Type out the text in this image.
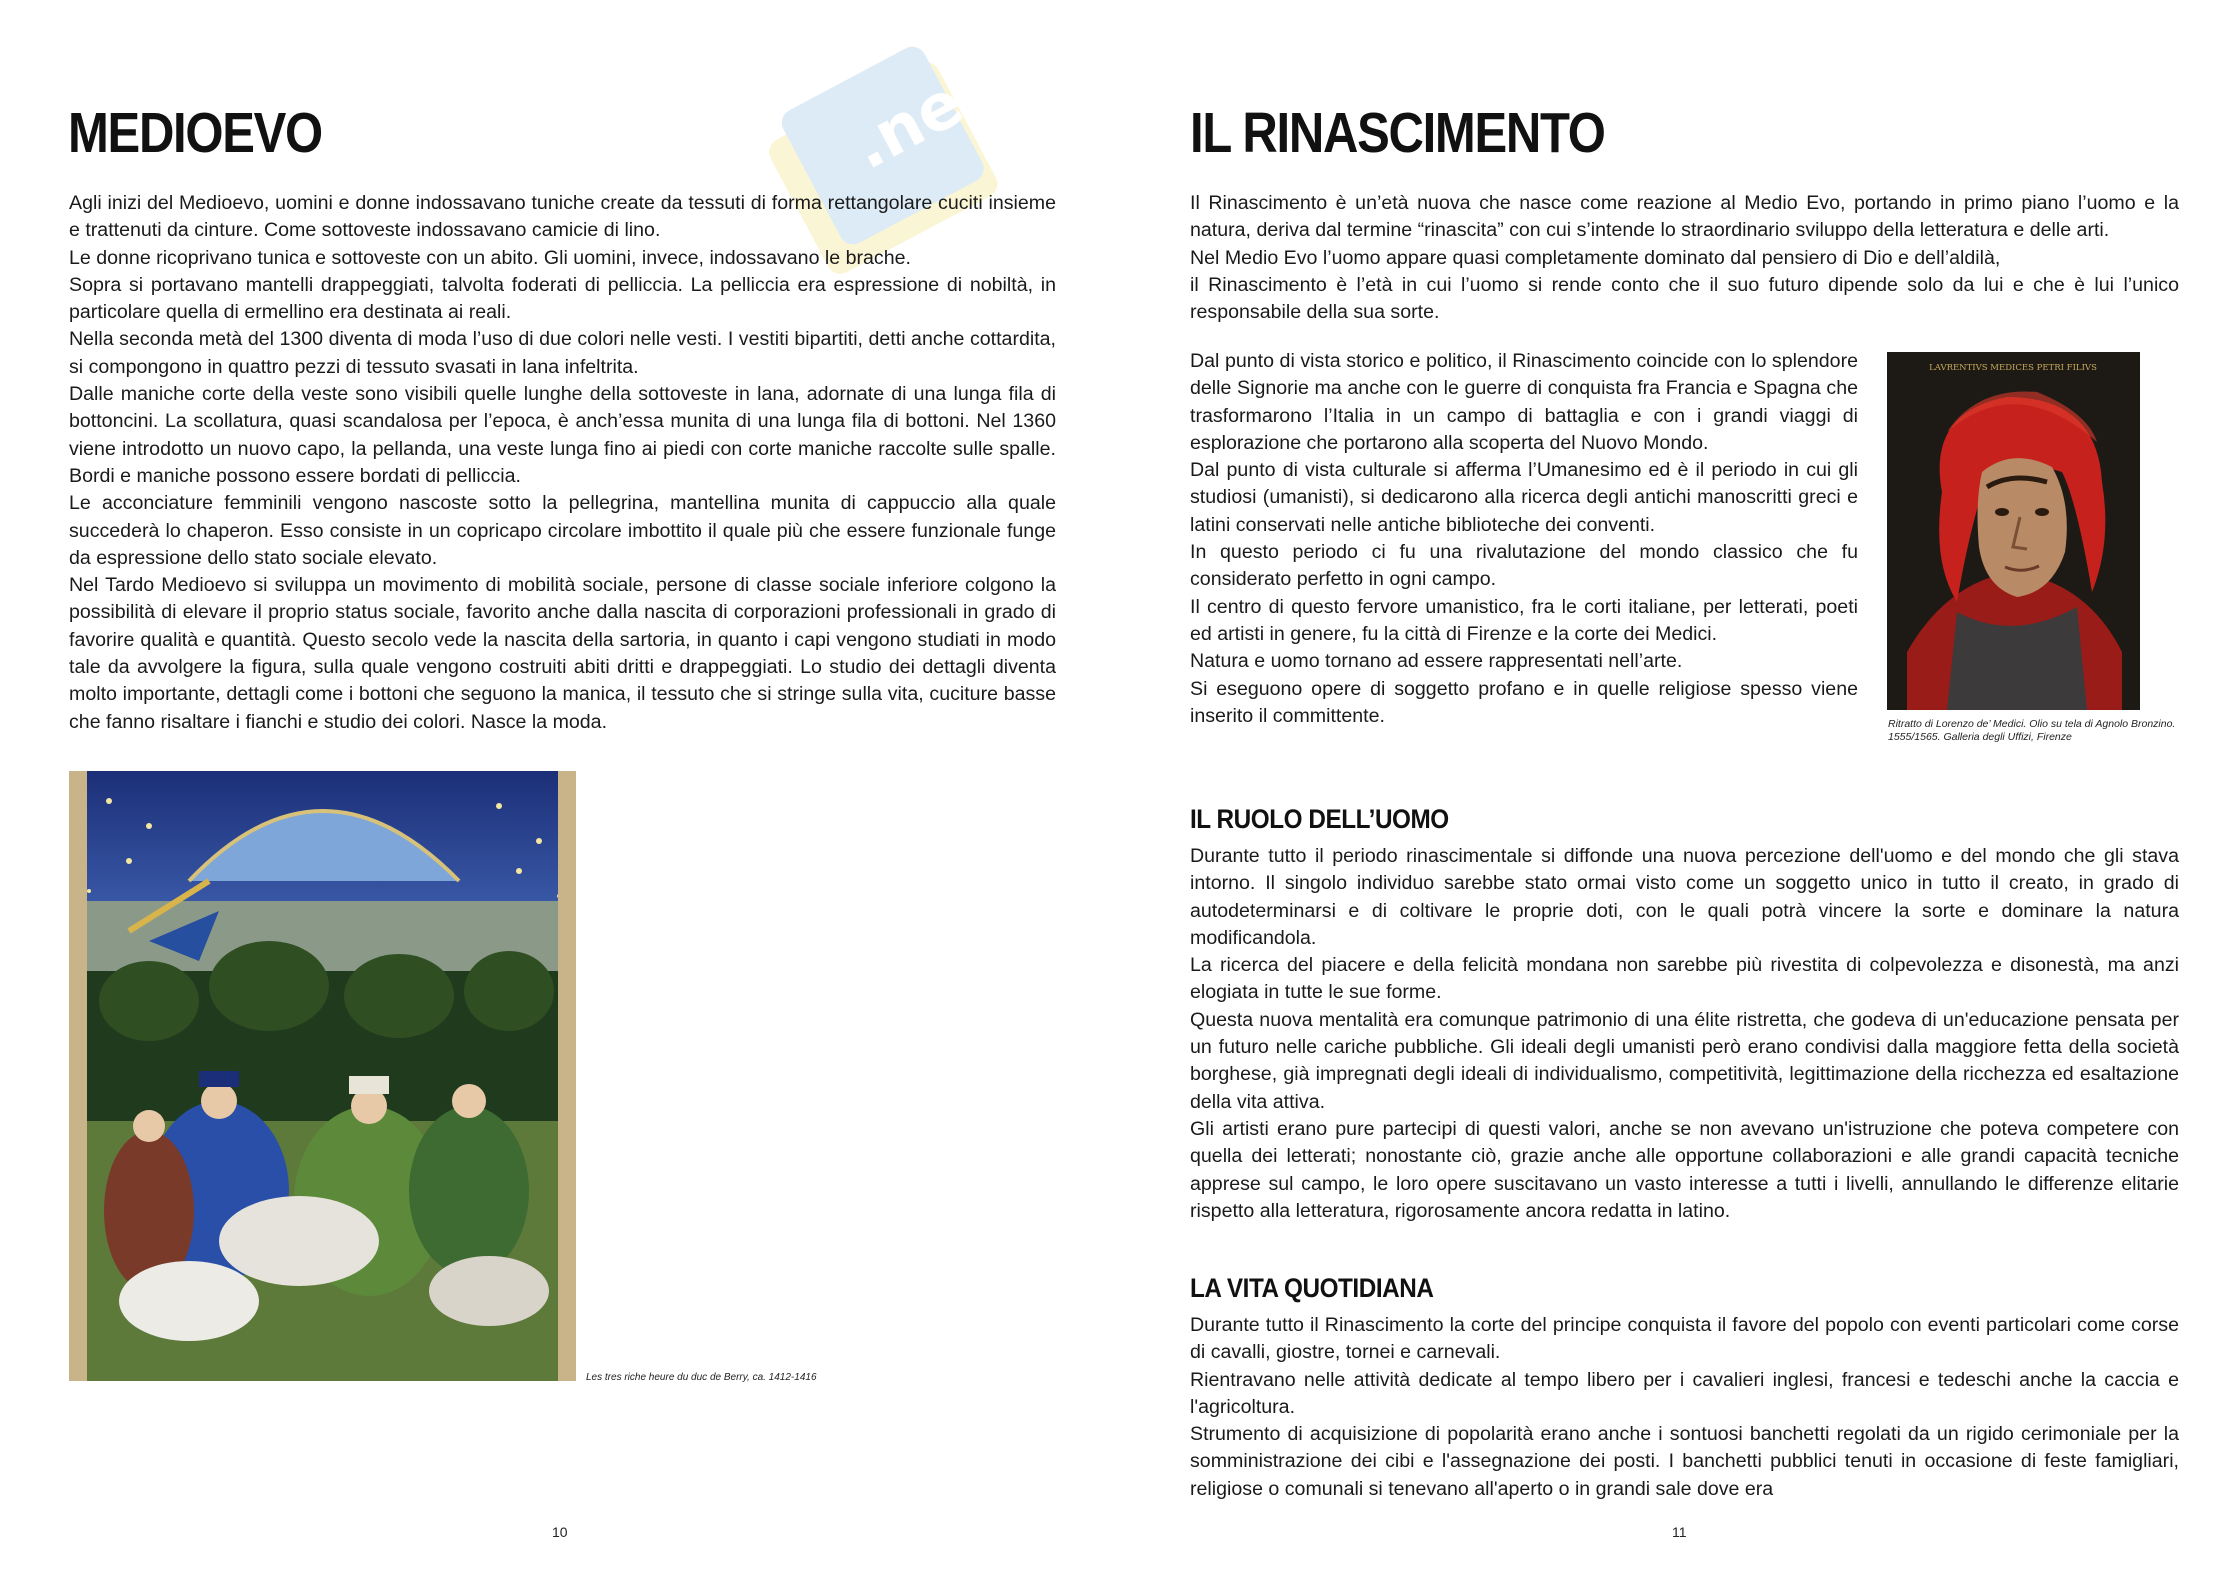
.net
MEDIOEVO

Agli inizi del Medioevo, uomini e donne indossavano tuniche create da tessuti di forma rettangolare cuciti insieme e trattenuti da cinture. Come sottoveste indossavano camicie di lino.

Le donne ricoprivano tunica e sottoveste con un abito. Gli uomini, invece, indossavano le brache.

Sopra si portavano mantelli drappeggiati, talvolta foderati di pelliccia. La pelliccia era espressione di nobiltà, in particolare quella di ermellino era destinata ai reali.

Nella seconda metà del 1300 diventa di moda l’uso di due colori nelle vesti. I vestiti bipartiti, detti anche cottardita, si compongono in quattro pezzi di tessuto svasati in lana infeltrita.

Dalle maniche corte della veste sono visibili quelle lunghe della sottoveste in lana, adornate di una lunga fila di bottoncini. La scollatura, quasi scandalosa per l’epoca, è anch’essa munita di una lunga fila di bottoni. Nel 1360 viene introdotto un nuovo capo, la pellanda, una veste lunga fino ai piedi con corte maniche raccolte sulle spalle. Bordi e maniche possono essere bordati di pelliccia.

Le acconciature femminili vengono nascoste sotto la pellegrina, mantellina munita di cappuccio alla quale succederà lo chaperon. Esso consiste in un copricapo circolare imbottito il quale più che essere funzionale funge da espressione dello stato sociale elevato.

Nel Tardo Medioevo si sviluppa un movimento di mobilità sociale, persone di classe sociale inferiore colgono la possibilità di elevare il proprio status sociale, favorito anche dalla nascita di corporazioni professionali in grado di favorire qualità e quantità. Questo secolo vede la nascita della sartoria, in quanto i capi vengono studiati in modo tale da avvolgere la figura, sulla quale vengono costruiti abiti dritti e drappeggiati. Lo studio dei dettagli diventa molto importante, dettagli come i bottoni che seguono la manica, il tessuto che si stringe sulla vita, cuciture basse che fanno risaltare i fianchi e studio dei colori. Nasce la moda.

Les tres riche heure du duc de Berry, ca. 1412-1416
10
IL RINASCIMENTO

Il Rinascimento è un’età nuova che nasce come reazione al Medio Evo, portando in primo piano l’uomo e la natura, deriva dal termine “rinascita” con cui s’intende lo straordinario sviluppo della letteratura e delle arti.

Nel Medio Evo l’uomo appare quasi completamente dominato dal pensiero di Dio e dell’aldilà,

il Rinascimento è l’età in cui l’uomo si rende conto che il suo futuro dipende solo da lui e che è lui l’unico responsabile della sua sorte.

Dal punto di vista storico e politico, il Rinascimento coincide con lo splendore delle Signorie ma anche con le guerre di conquista fra Francia e Spagna che trasformarono l’Italia in un campo di battaglia e con i grandi viaggi di esplorazione che portarono alla scoperta del Nuovo Mondo.

Dal punto di vista culturale si afferma l’Umanesimo ed è il periodo in cui gli studiosi (umanisti), si dedicarono alla ricerca degli antichi manoscritti greci e latini conservati nelle antiche biblioteche dei conventi.

In questo periodo ci fu una rivalutazione del mondo classico che fu considerato perfetto in ogni campo.

Il centro di questo fervore umanistico, fra le corti italiane, per letterati, poeti ed artisti in genere, fu la città di Firenze e la corte dei Medici.

Natura e uomo tornano ad essere rappresentati nell’arte.

Si eseguono opere di soggetto profano e in quelle religiose spesso viene inserito il committente.	Ritratto di Lorenzo de’ Medici. Olio su tela di Agnolo Bronzino. 1555/1565. Galleria degli Uffizi, Firenze
IL RUOLO DELL’UOMO

Durante tutto il periodo rinascimentale si diffonde una nuova percezione dell'uomo e del mondo che gli stava intorno. Il singolo individuo sarebbe stato ormai visto come un soggetto unico in tutto il creato, in grado di autodeterminarsi e di coltivare le proprie doti, con le quali potrà vincere la sorte e dominare la natura modificandola.

La ricerca del piacere e della felicità mondana non sarebbe più rivestita di colpevolezza e disonestà, ma anzi elogiata in tutte le sue forme.

Questa nuova mentalità era comunque patrimonio di una élite ristretta, che godeva di un'educazione pensata per un futuro nelle cariche pubbliche. Gli ideali degli umanisti però erano condivisi dalla maggiore fetta della società borghese, già impregnati degli ideali di individualismo, competitività, legittimazione della ricchezza ed esaltazione della vita attiva.

Gli artisti erano pure partecipi di questi valori, anche se non avevano un'istruzione che poteva competere con quella dei letterati; nonostante ciò, grazie anche alle opportune collaborazioni e alle grandi capacità tecniche apprese sul campo, le loro opere suscitavano un vasto interesse a tutti i livelli, annullando le differenze elitarie rispetto alla letteratura, rigorosamente ancora redatta in latino.

LA VITA QUOTIDIANA

Durante tutto il Rinascimento la corte del principe conquista il favore del popolo con eventi particolari come corse di cavalli, giostre, tornei e carnevali.

Rientravano nelle attività dedicate al tempo libero per i cavalieri inglesi, francesi e tedeschi anche la caccia e l'agricoltura.

Strumento di acquisizione di popolarità erano anche i sontuosi banchetti regolati da un rigido cerimoniale per la somministrazione dei cibi e l'assegnazione dei posti. I banchetti pubblici tenuti in occasione di feste famigliari, religiose o comunali si tenevano all'aperto o in grandi sale dove era

11
LAVRENTIVS MEDICES PETRI FILIVS
